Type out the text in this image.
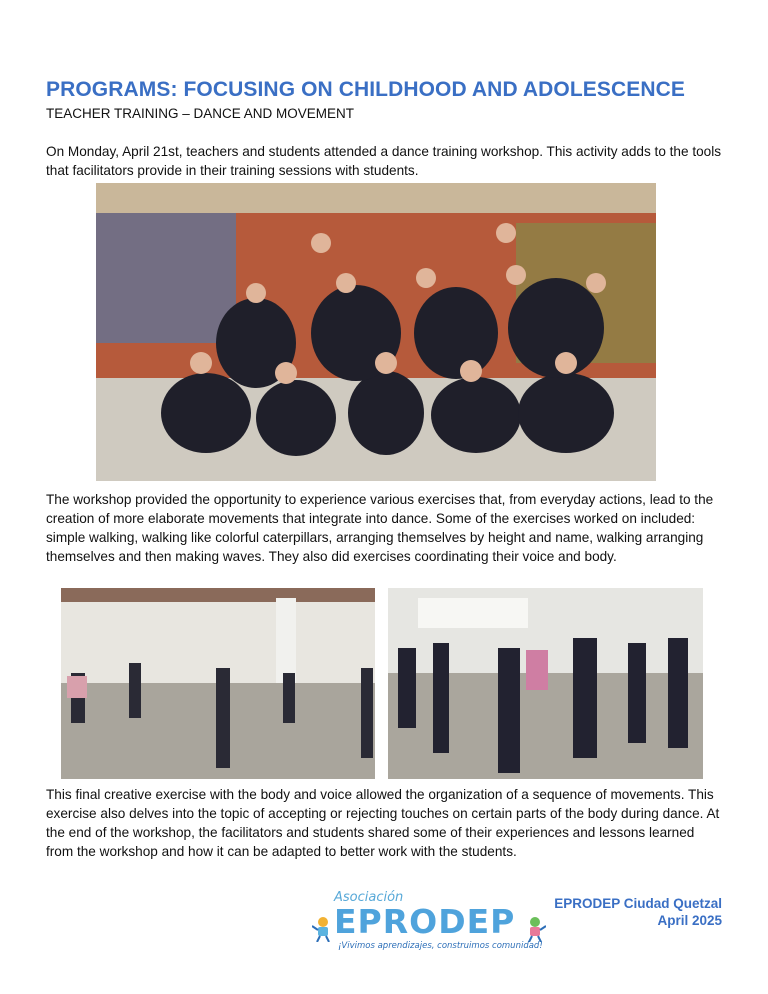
PROGRAMS: FOCUSING ON CHILDHOOD AND ADOLESCENCE
TEACHER TRAINING – DANCE AND MOVEMENT

On Monday, April 21st, teachers and students attended a dance training workshop. This activity adds to the tools that facilitators provide in their training sessions with students.

The workshop provided the opportunity to experience various exercises that, from everyday actions, lead to the creation of more elaborate movements that integrate into dance. Some of the exercises worked on included: simple walking, walking like colorful caterpillars, arranging themselves by height and name, walking arranging themselves and then making waves. They also did exercises coordinating their voice and body.

This final creative exercise with the body and voice allowed the organization of a sequence of movements. This exercise also delves into the topic of accepting or rejecting touches on certain parts of the body during dance. At the end of the workshop, the facilitators and students shared some of their experiences and lessons learned from the workshop and how it can be adapted to better work with the students.

Asociación
EPRODEP
¡Vivimos aprendizajes, construimos comunidad!
EPRODEP Ciudad Quetzal
April 2025
